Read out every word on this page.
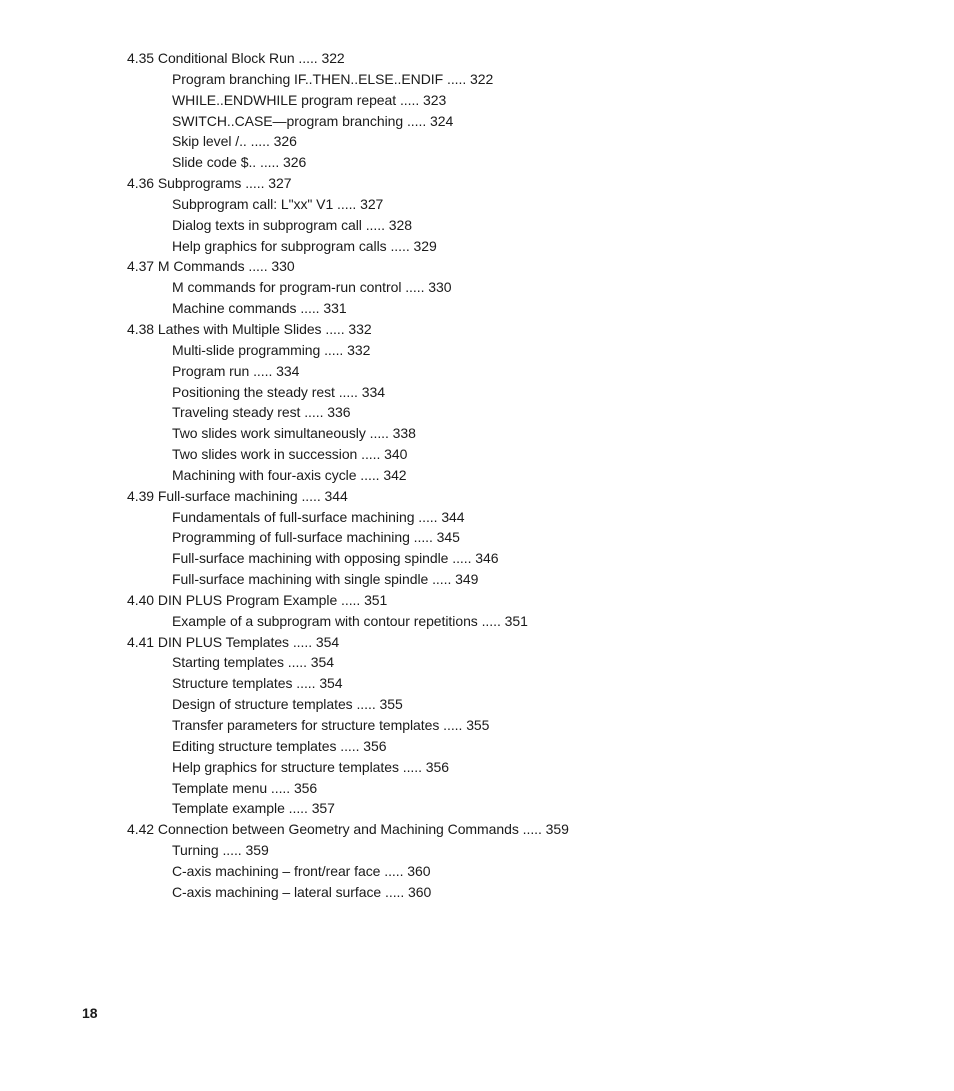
4.35 Conditional Block Run ..... 322
Program branching IF..THEN..ELSE..ENDIF ..... 322
WHILE..ENDWHILE program repeat ..... 323
SWITCH..CASE—program branching ..... 324
Skip level /.. ..... 326
Slide code $.. ..... 326
4.36 Subprograms ..... 327
Subprogram call: L"xx" V1 ..... 327
Dialog texts in subprogram call ..... 328
Help graphics for subprogram calls ..... 329
4.37 M Commands ..... 330
M commands for program-run control ..... 330
Machine commands ..... 331
4.38 Lathes with Multiple Slides ..... 332
Multi-slide programming ..... 332
Program run ..... 334
Positioning the steady rest ..... 334
Traveling steady rest ..... 336
Two slides work simultaneously ..... 338
Two slides work in succession ..... 340
Machining with four-axis cycle ..... 342
4.39 Full-surface machining ..... 344
Fundamentals of full-surface machining ..... 344
Programming of full-surface machining ..... 345
Full-surface machining with opposing spindle ..... 346
Full-surface machining with single spindle ..... 349
4.40 DIN PLUS Program Example ..... 351
Example of a subprogram with contour repetitions ..... 351
4.41 DIN PLUS Templates ..... 354
Starting templates ..... 354
Structure templates ..... 354
Design of structure templates ..... 355
Transfer parameters for structure templates ..... 355
Editing structure templates ..... 356
Help graphics for structure templates ..... 356
Template menu ..... 356
Template example ..... 357
4.42 Connection between Geometry and Machining Commands ..... 359
Turning ..... 359
C-axis machining – front/rear face ..... 360
C-axis machining – lateral surface ..... 360
18
